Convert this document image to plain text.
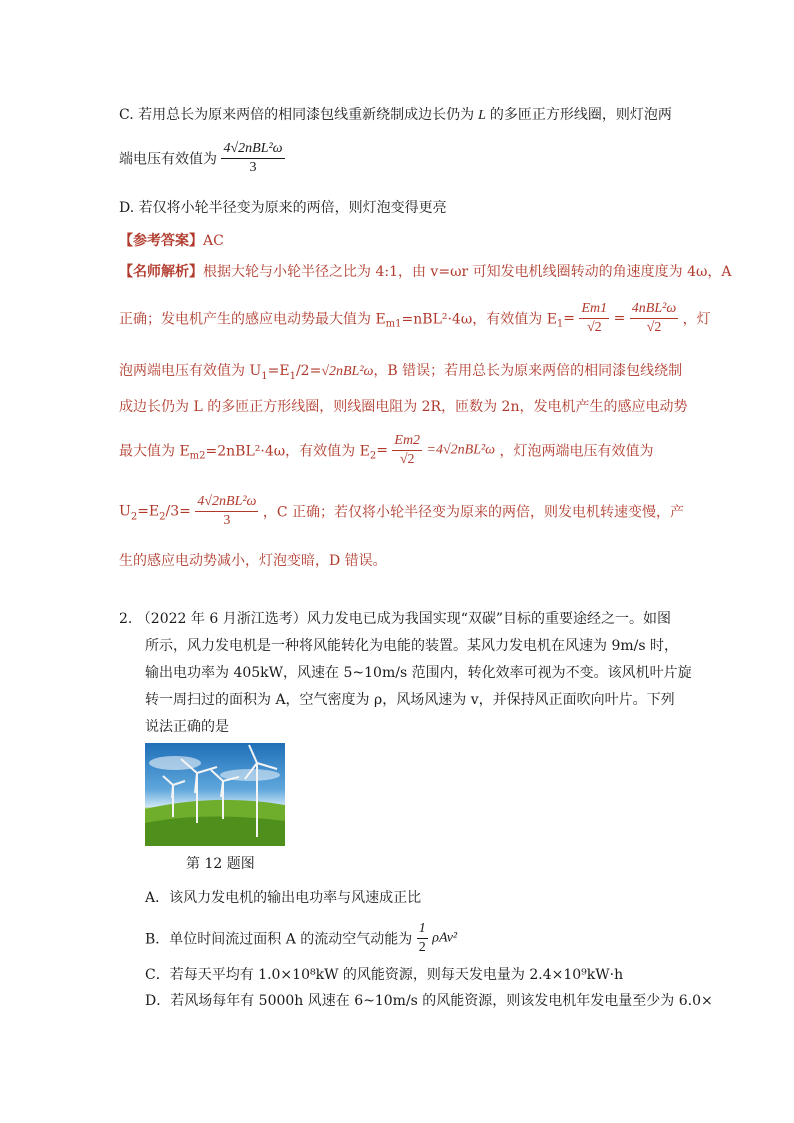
C. 若用总长为原来两倍的相同漆包线重新绕制成边长仍为 L 的多匝正方形线圈，则灯泡两
端电压有效值为 $\frac{\text{4√2nBL²ω}}{3}$
D. 若仅将小轮半径变为原来的两倍，则灯泡变得更亮
【参考答案】AC
【名师解析】根据大轮与小轮半径之比为 4:1，由 v=ωr 可知发电机线圈转动的角速度度为 4ω，A
正确；发电机产生的感应电动势最大值为 $E_{m1}=nBL^2\cdot 4\omega$，有效值为 $E_1= \frac{Em1}{√2} = \frac{\text{4nBL²ω}}{√2}$ ，灯
泡两端电压有效值为 $U_1=E_1/2=√2nBL^2\omega$，B 错误；若用总长为原来两倍的相同漆包线绕制
成边长仍为 L 的多匝正方形线圈，则线圈电阻为 2R，匝数为 2n，发电机产生的感应电动势
最大值为 $E_{m2}=2nBL^2\cdot 4\omega$，有效值为 $E_2= \frac{Em2}{√2} =4√2nBL^2\omega$ ，灯泡两端电压有效值为
$U_2=E_2/3= \frac{\text{4√2nBL²ω}}{3}$ ，C 正确；若仅将小轮半径变为原来的两倍，则发电机转速变慢，产
生的感应电动势减小，灯泡变暗，D 错误。
2. （2022 年 6 月浙江选考）风力发电已成为我国实现“双碳”目标的重要途经之一。如图
所示，风力发电机是一种将风能转化为电能的装置。某风力发电机在风速为 9m/s 时，
输出电功率为 405kW，风速在 5~10m/s 范围内，转化效率可视为不变。该风机叶片旋
转一周扫过的面积为 A，空气密度为 ρ，风场风速为 v，并保持风正面吹向叶片。下列
说法正确的是
第 12 题图
A．该风力发电机的输出电功率与风速成正比
B．单位时间流过面积 A 的流动空气动能为 $\frac{1}{2} \rho Av^2$
C．若每天平均有 1.0×10⁸kW 的风能资源，则每天发电量为 2.4×10⁹kW·h
D．若风场每年有 5000h 风速在 6~10m/s 的风能资源，则该发电机年发电量至少为 6.0×
